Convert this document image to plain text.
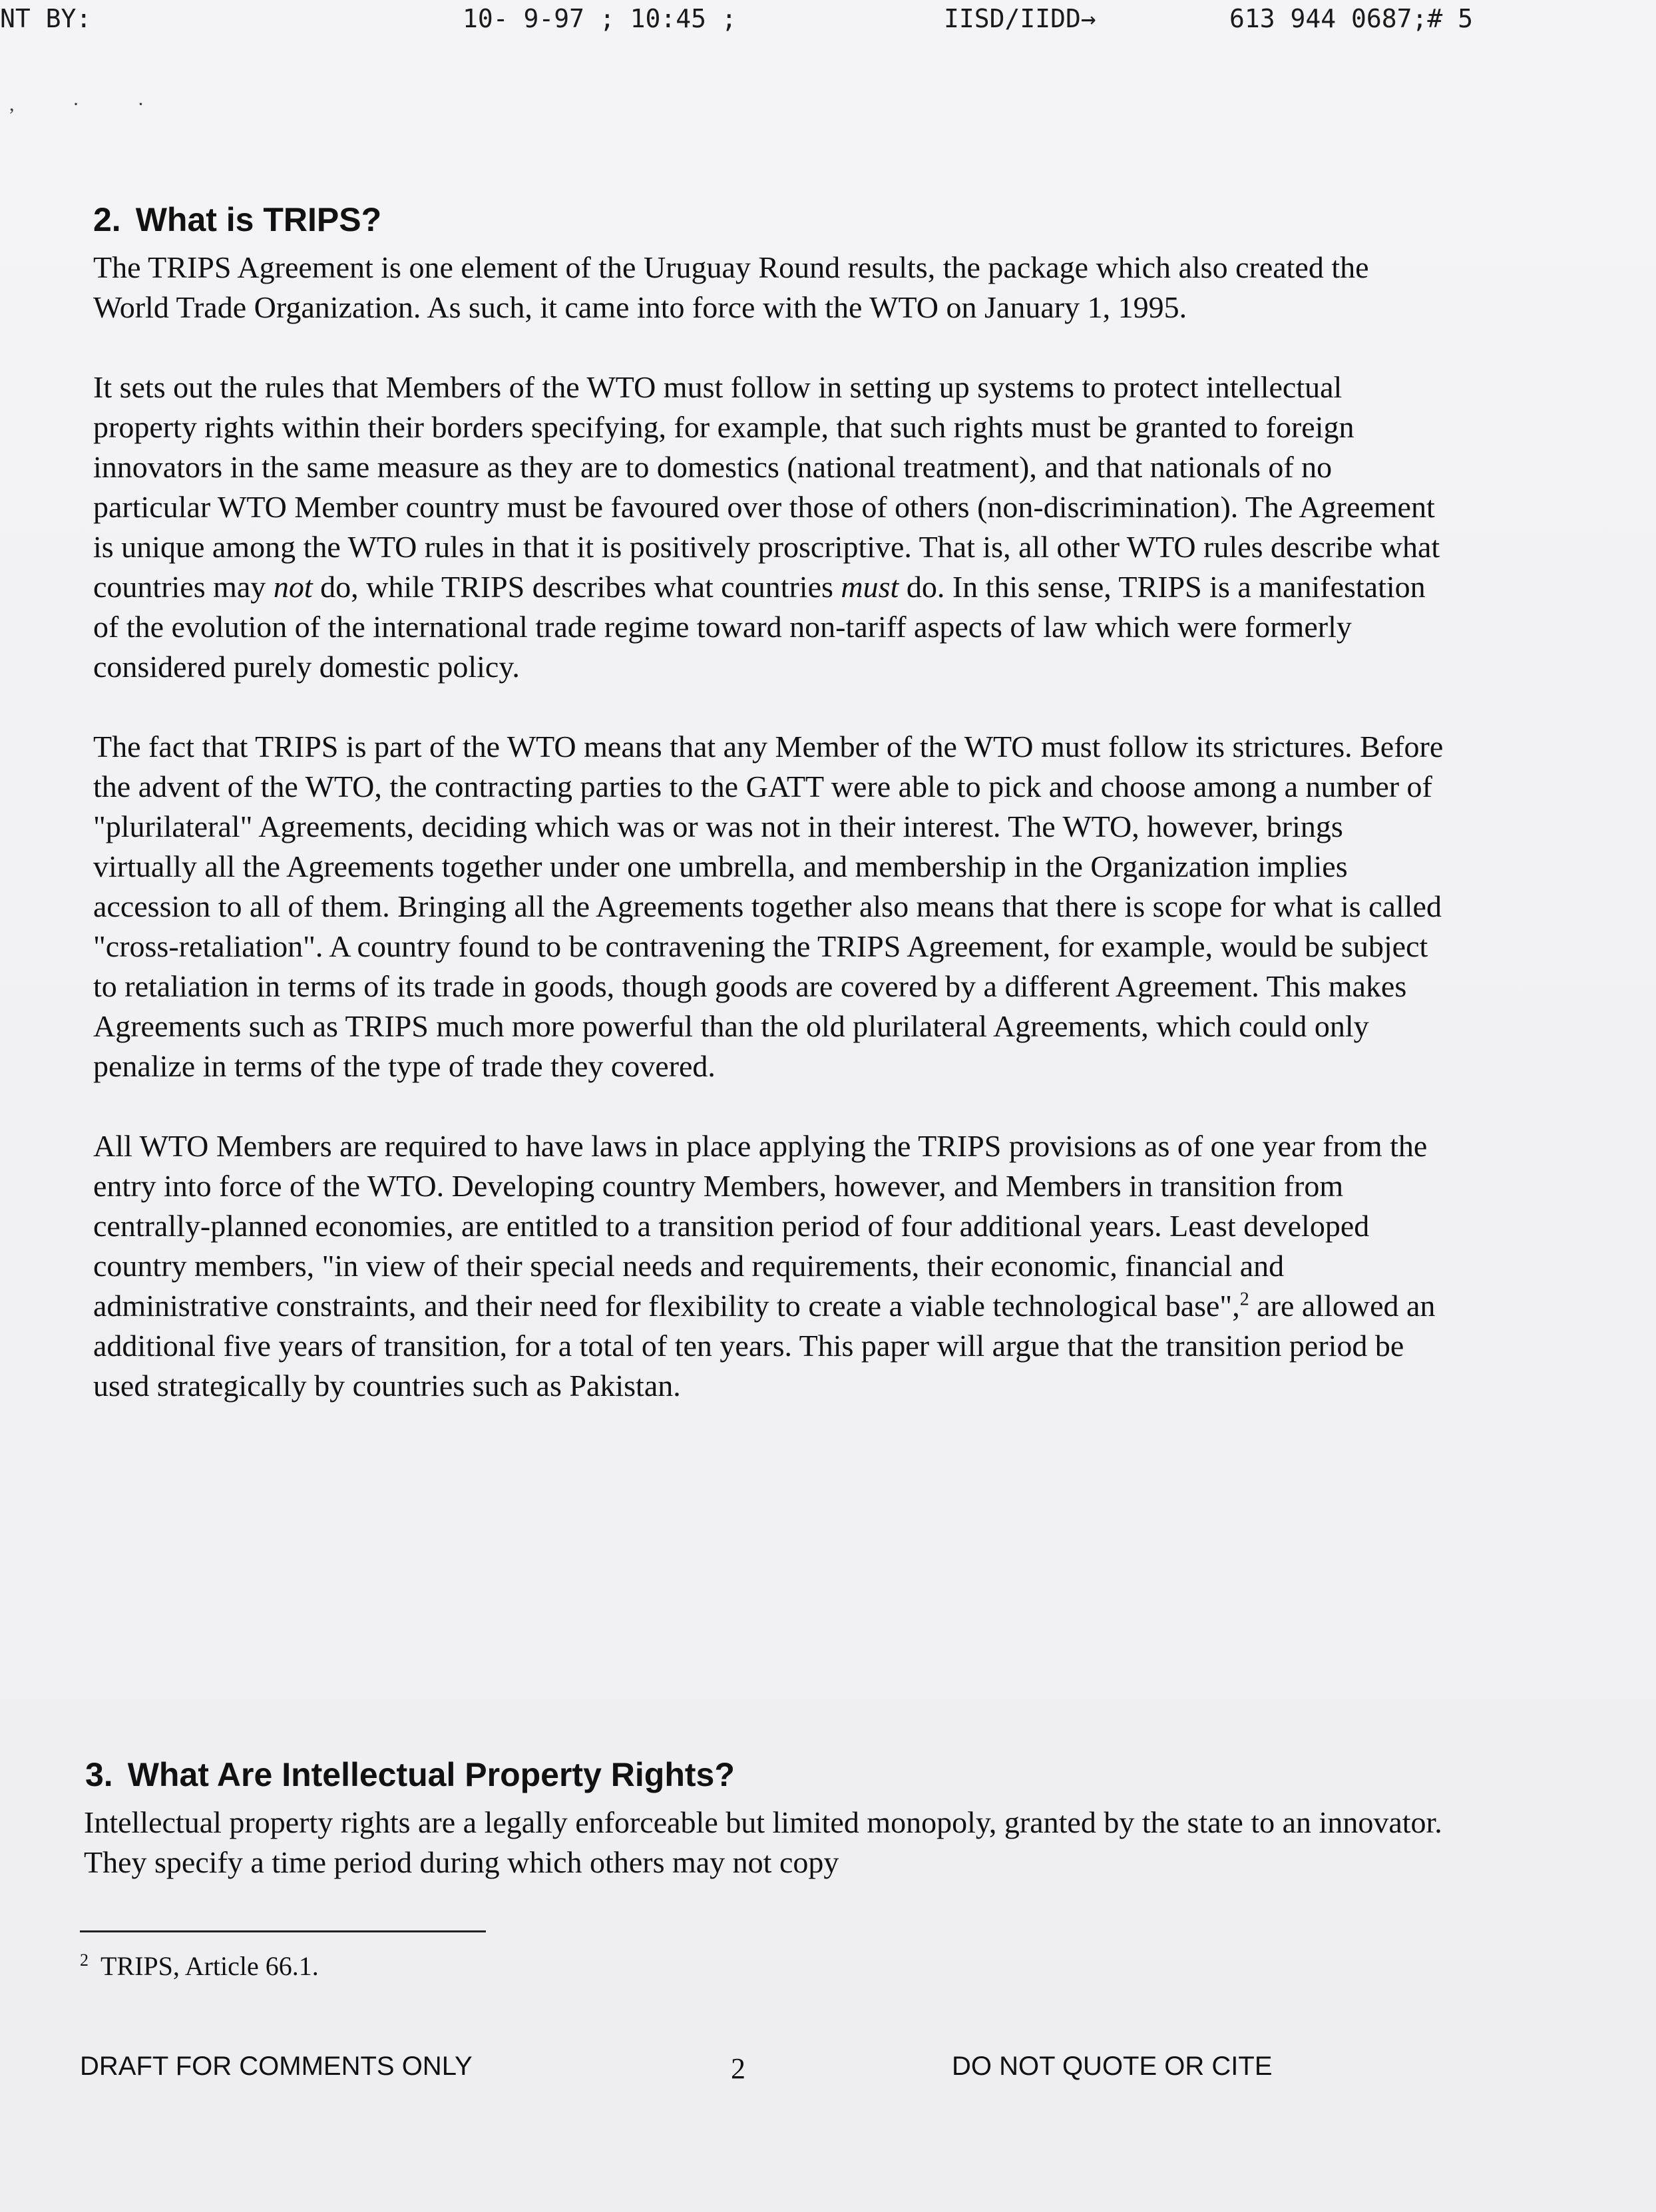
NT BY:	10- 9-97 ; 10:45 ;	IISD/IIDD→	613 944 0687;# 5
, · ·
2. What is TRIPS?

The TRIPS Agreement is one element of the Uruguay Round results, the package which also created the World Trade Organization. As such, it came into force with the WTO on January 1, 1995.

It sets out the rules that Members of the WTO must follow in setting up systems to protect intellectual property rights within their borders specifying, for example, that such rights must be granted to foreign innovators in the same measure as they are to domestics (national treatment), and that nationals of no particular WTO Member country must be favoured over those of others (non-discrimination). The Agreement is unique among the WTO rules in that it is positively proscriptive. That is, all other WTO rules describe what countries may not do, while TRIPS describes what countries must do. In this sense, TRIPS is a manifestation of the evolution of the international trade regime toward non-tariff aspects of law which were formerly considered purely domestic policy.

The fact that TRIPS is part of the WTO means that any Member of the WTO must follow its strictures. Before the advent of the WTO, the contracting parties to the GATT were able to pick and choose among a number of "plurilateral" Agreements, deciding which was or was not in their interest. The WTO, however, brings virtually all the Agreements together under one umbrella, and membership in the Organization implies accession to all of them. Bringing all the Agreements together also means that there is scope for what is called "cross-retaliation". A country found to be contravening the TRIPS Agreement, for example, would be subject to retaliation in terms of its trade in goods, though goods are covered by a different Agreement. This makes Agreements such as TRIPS much more powerful than the old plurilateral Agreements, which could only penalize in terms of the type of trade they covered.

All WTO Members are required to have laws in place applying the TRIPS provisions as of one year from the entry into force of the WTO. Developing country Members, however, and Members in transition from centrally-planned economies, are entitled to a transition period of four additional years. Least developed country members, "in view of their special needs and requirements, their economic, financial and administrative constraints, and their need for flexibility to create a viable technological base",$^2$ are allowed an additional five years of transition, for a total of ten years. This paper will argue that the transition period be used strategically by countries such as Pakistan.

3. What Are Intellectual Property Rights?

Intellectual property rights are a legally enforceable but limited monopoly, granted by the state to an innovator. They specify a time period during which others may not copy

$^2$ TRIPS, Article 66.1.
DRAFT FOR COMMENTS ONLY	2	DO NOT QUOTE OR CITE
